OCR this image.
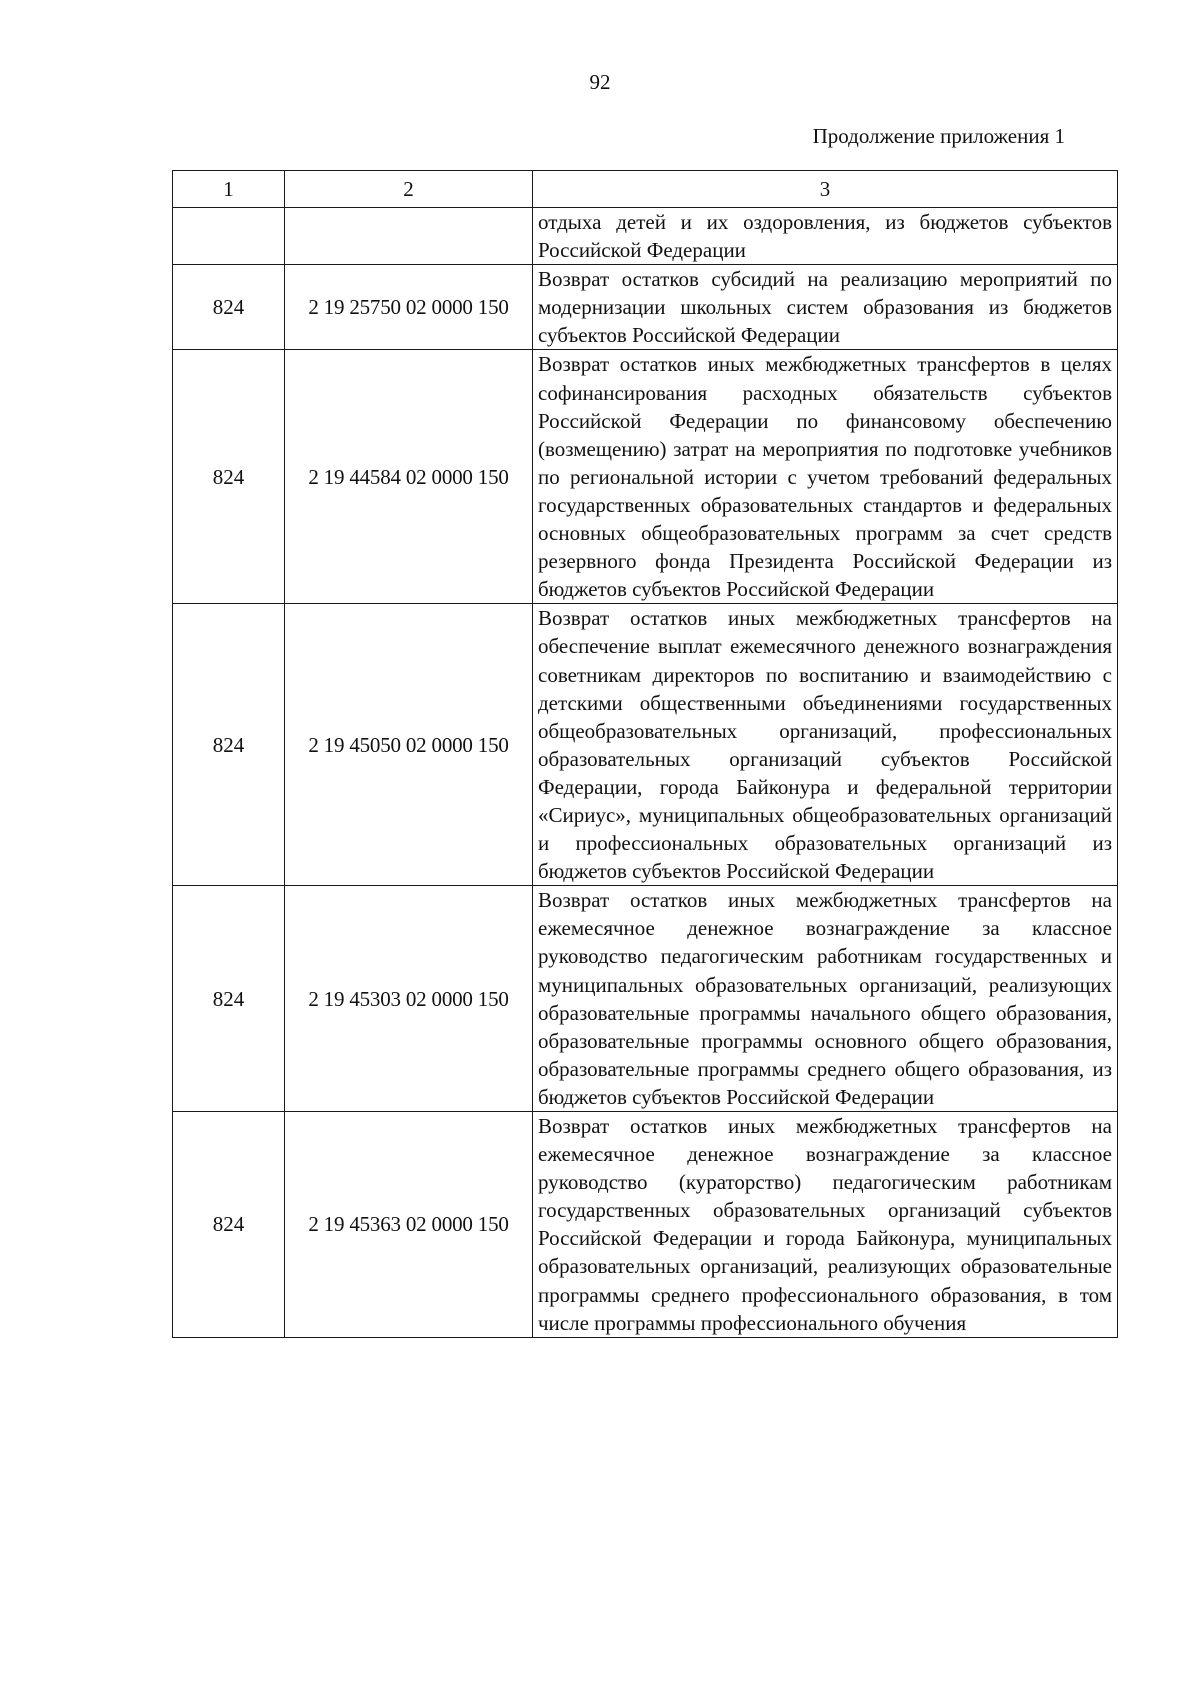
92
Продолжение приложения 1
1	2	3
		отдыха детей и их оздоровления, из бюджетов субъектов Российской Федерации
824	2 19 25750 02 0000 150	Возврат остатков субсидий на реализацию мероприятий по модернизации школьных систем образования из бюджетов субъектов Российской Федерации
824	2 19 44584 02 0000 150	Возврат остатков иных межбюджетных трансфертов в целях софинансирования расходных обязательств субъектов Российской Федерации по финансовому обеспечению (возмещению) затрат на мероприятия по подготовке учебников по региональной истории с учетом требований федеральных государственных образовательных стандартов и федеральных основных общеобразовательных программ за счет средств резервного фонда Президента Российской Федерации из бюджетов субъектов Российской Федерации
824	2 19 45050 02 0000 150	Возврат остатков иных межбюджетных трансфертов на обеспечение выплат ежемесячного денежного вознаграждения советникам директоров по воспитанию и взаимодействию с детскими общественными объединениями государственных общеобразовательных организаций, профессиональных образовательных организаций субъектов Российской Федерации, города Байконура и федеральной территории «Сириус», муниципальных общеобразовательных организаций и профессиональных образовательных организаций из бюджетов субъектов Российской Федерации
824	2 19 45303 02 0000 150	Возврат остатков иных межбюджетных трансфертов на ежемесячное денежное вознаграждение за классное руководство педагогическим работникам государственных и муниципальных образовательных организаций, реализующих образовательные программы начального общего образования, образовательные программы основного общего образования, образовательные программы среднего общего образования, из бюджетов субъектов Российской Федерации
824	2 19 45363 02 0000 150	Возврат остатков иных межбюджетных трансфертов на ежемесячное денежное вознаграждение за классное руководство (кураторство) педагогическим работникам государственных образовательных организаций субъектов Российской Федерации и города Байконура, муниципальных образовательных организаций, реализующих образовательные программы среднего профессионального образования, в том числе программы профессионального обучения
